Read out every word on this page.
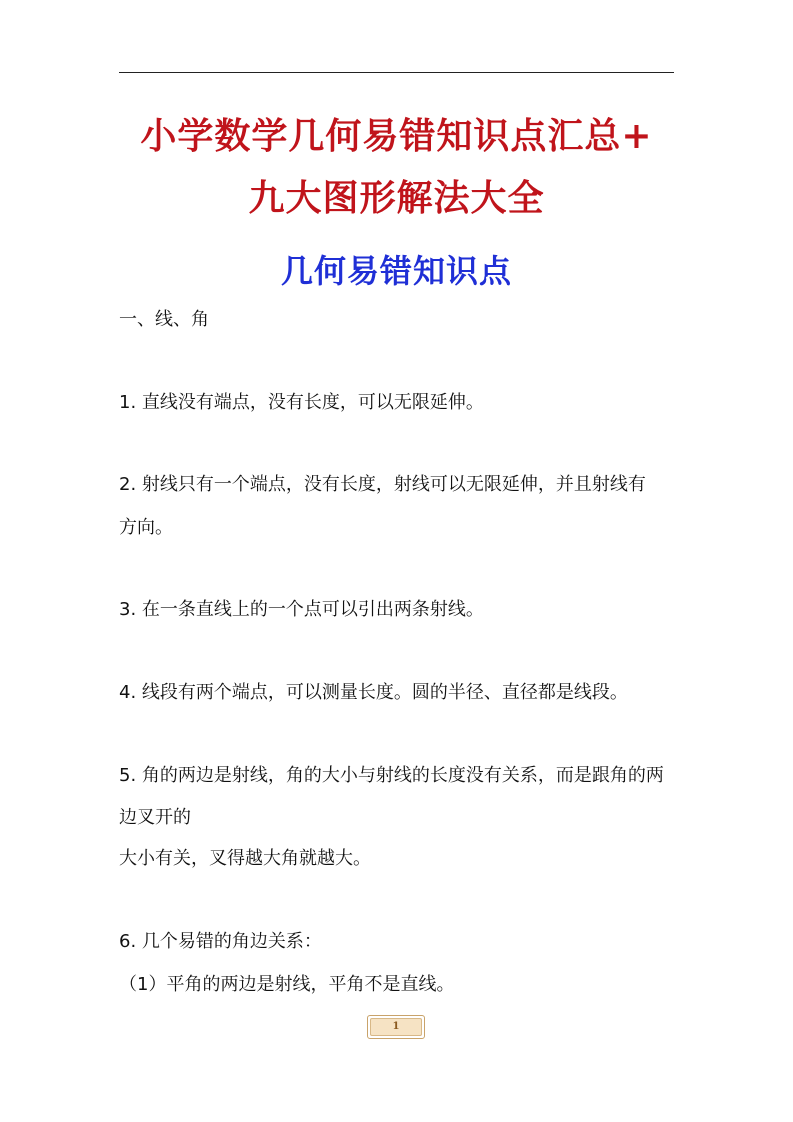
小学数学几何易错知识点汇总+
九大图形解法大全
几何易错知识点
一、线、角
1. 直线没有端点，没有长度，可以无限延伸。
2. 射线只有一个端点，没有长度，射线可以无限延伸，并且射线有
方向。
3. 在一条直线上的一个点可以引出两条射线。
4. 线段有两个端点，可以测量长度。圆的半径、直径都是线段。
5. 角的两边是射线，角的大小与射线的长度没有关系，而是跟角的两
边叉开的
大小有关，叉得越大角就越大。
6. 几个易错的角边关系：
（1）平角的两边是射线，平角不是直线。
1
